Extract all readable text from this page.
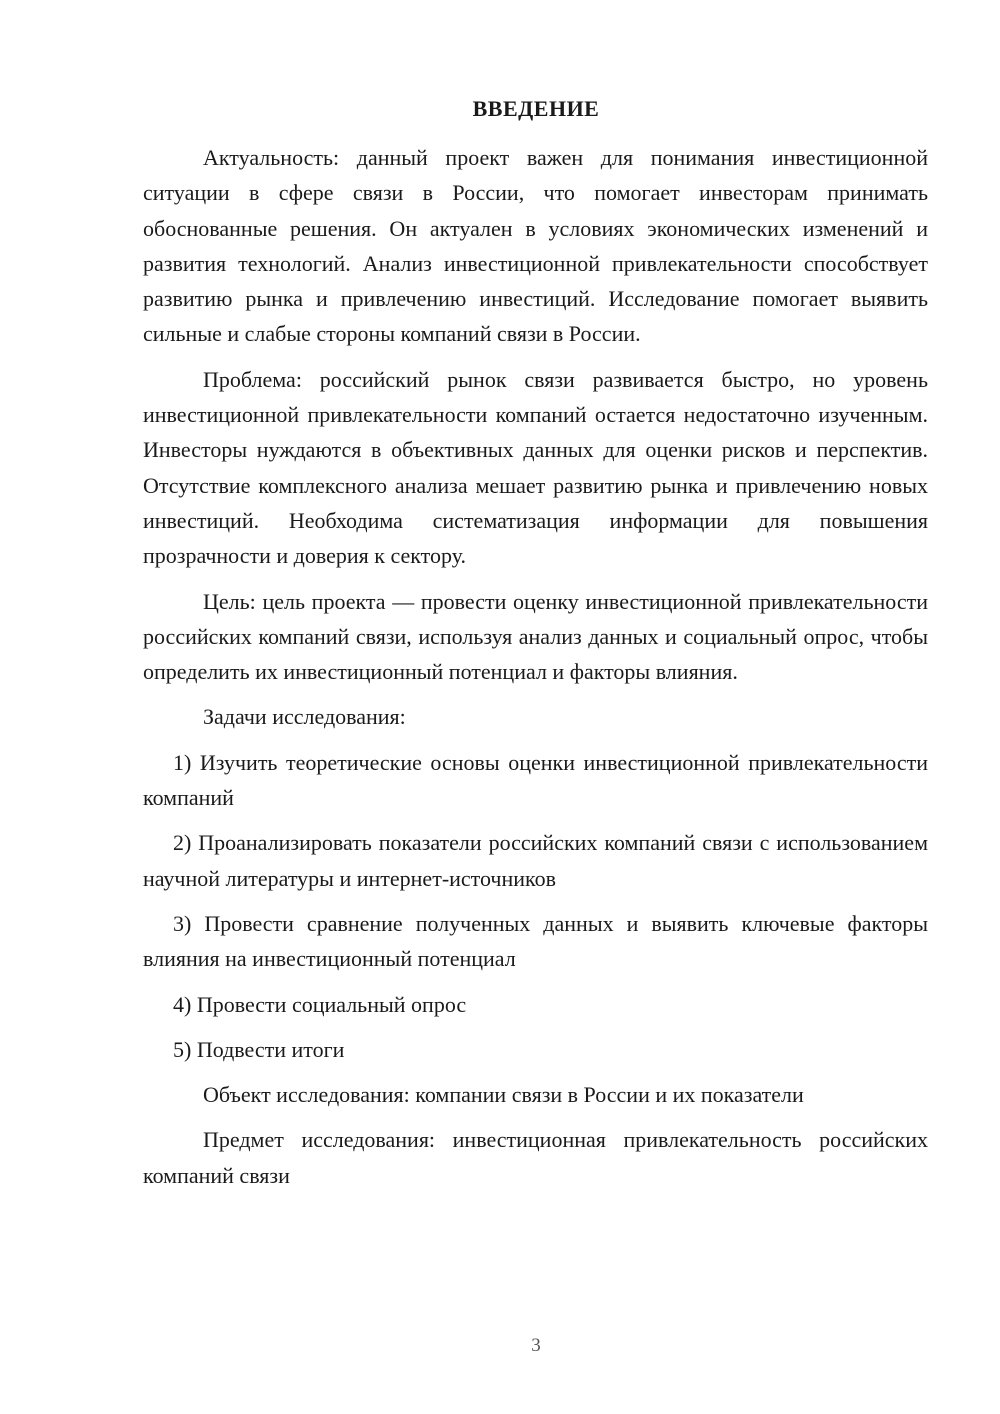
ВВЕДЕНИЕ

Актуальность: данный проект важен для понимания инвестиционной ситуации в сфере связи в России, что помогает инвесторам принимать обоснованные решения. Он актуален в условиях экономических изменений и развития технологий. Анализ инвестиционной привлекательности способствует развитию рынка и привлечению инвестиций. Исследование помогает выявить сильные и слабые стороны компаний связи в России.

Проблема: российский рынок связи развивается быстро, но уровень инвестиционной привлекательности компаний остается недостаточно изученным. Инвесторы нуждаются в объективных данных для оценки рисков и перспектив. Отсутствие комплексного анализа мешает развитию рынка и привлечению новых инвестиций. Необходима систематизация информации для повышения прозрачности и доверия к сектору.

Цель: цель проекта — провести оценку инвестиционной привлекательности российских компаний связи, используя анализ данных и социальный опрос, чтобы определить их инвестиционный потенциал и факторы влияния.

Задачи исследования:

1) Изучить теоретические основы оценки инвестиционной привлекательности компаний

2) Проанализировать показатели российских компаний связи с использованием научной литературы и интернет-источников

3) Провести сравнение полученных данных и выявить ключевые факторы влияния на инвестиционный потенциал

4) Провести социальный опрос

5) Подвести итоги

Объект исследования: компании связи в России и их показатели

Предмет исследования: инвестиционная привлекательность российских компаний связи

3
